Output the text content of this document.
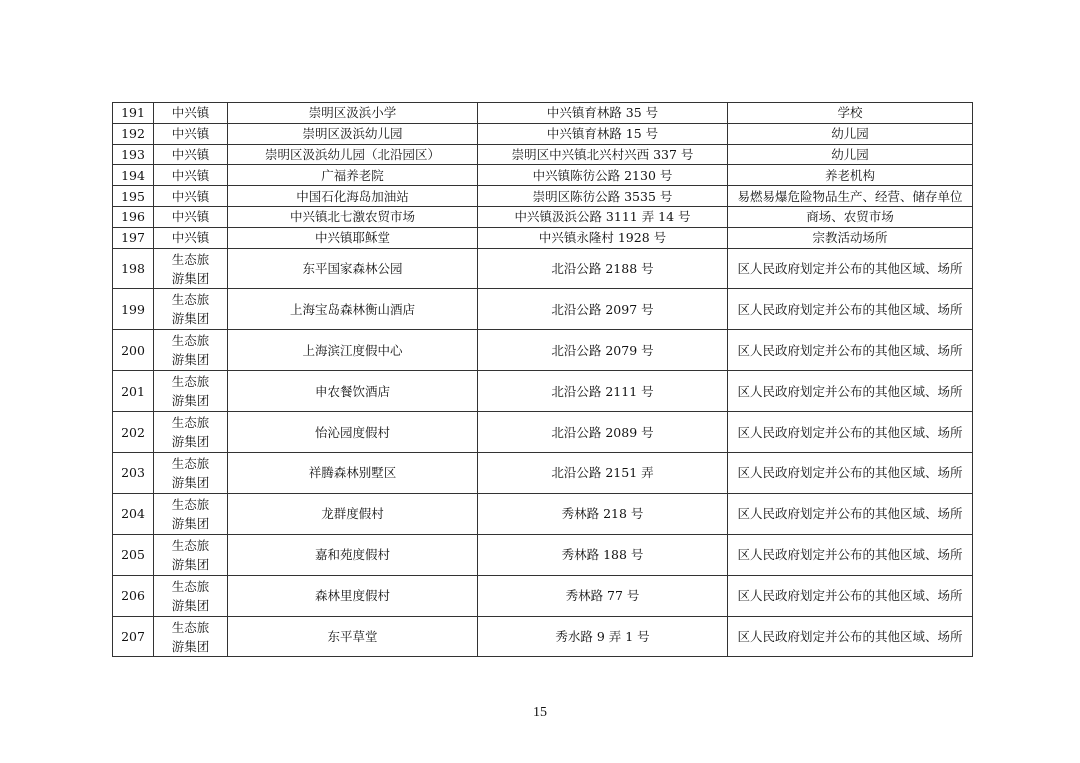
191	中兴镇	崇明区汲浜小学	中兴镇育林路 35 号	学校
192	中兴镇	崇明区汲浜幼儿园	中兴镇育林路 15 号	幼儿园
193	中兴镇	崇明区汲浜幼儿园（北沿园区）	崇明区中兴镇北兴村兴西 337 号	幼儿园
194	中兴镇	广福养老院	中兴镇陈彷公路 2130 号	养老机构
195	中兴镇	中国石化海岛加油站	崇明区陈彷公路 3535 号	易燃易爆危险物品生产、经营、储存单位
196	中兴镇	中兴镇北七激农贸市场	中兴镇汲浜公路 3111 弄 14 号	商场、农贸市场
197	中兴镇	中兴镇耶稣堂	中兴镇永隆村 1928 号	宗教活动场所
198	生态旅游集团	东平国家森林公园	北沿公路 2188 号	区人民政府划定并公布的其他区域、场所
199	生态旅游集团	上海宝岛森林衡山酒店	北沿公路 2097 号	区人民政府划定并公布的其他区域、场所
200	生态旅游集团	上海滨江度假中心	北沿公路 2079 号	区人民政府划定并公布的其他区域、场所
201	生态旅游集团	申农餐饮酒店	北沿公路 2111 号	区人民政府划定并公布的其他区域、场所
202	生态旅游集团	怡沁园度假村	北沿公路 2089 号	区人民政府划定并公布的其他区域、场所
203	生态旅游集团	祥腾森林别墅区	北沿公路 2151 弄	区人民政府划定并公布的其他区域、场所
204	生态旅游集团	龙群度假村	秀林路 218 号	区人民政府划定并公布的其他区域、场所
205	生态旅游集团	嘉和苑度假村	秀林路 188 号	区人民政府划定并公布的其他区域、场所
206	生态旅游集团	森林里度假村	秀林路 77 号	区人民政府划定并公布的其他区域、场所
207	生态旅游集团	东平草堂	秀水路 9 弄 1 号	区人民政府划定并公布的其他区域、场所
15
